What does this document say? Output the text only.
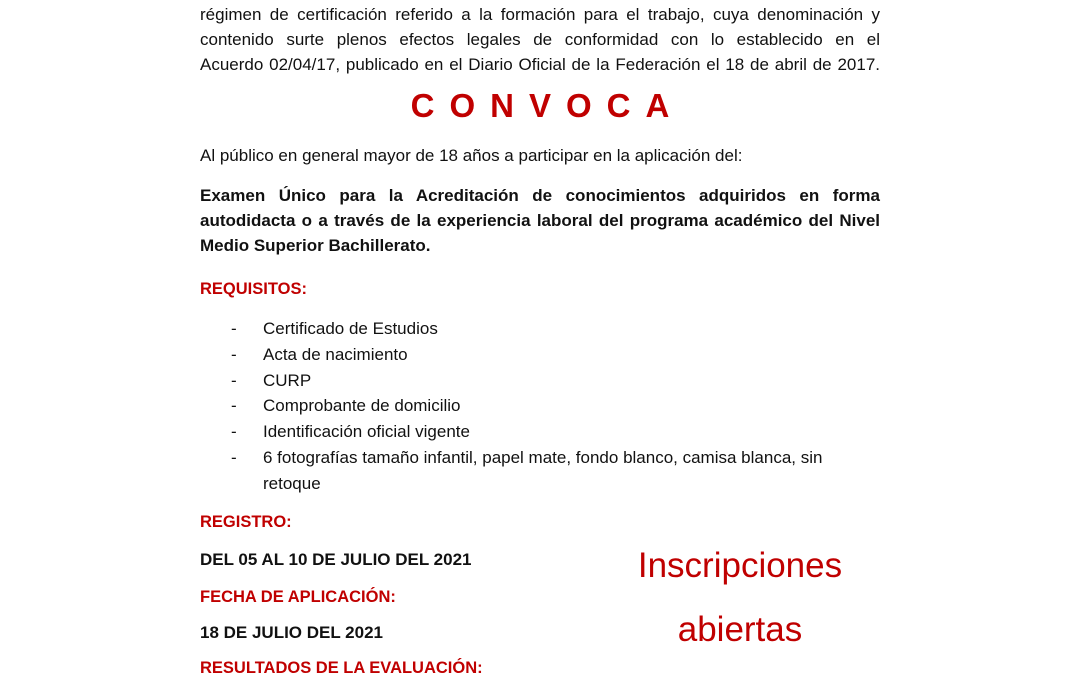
régimen de certificación referido a la formación para el trabajo, cuya denominación y
contenido surte plenos efectos legales de conformidad con lo establecido en el
Acuerdo 02/04/17, publicado en el Diario Oficial de la Federación el 18 de abril de 2017.
CONVOCA
Al público en general mayor de 18 años a participar en la aplicación del:
Examen Único para la Acreditación de conocimientos adquiridos en forma
autodidacta o a través de la experiencia laboral del programa académico del Nivel
Medio Superior Bachillerato.
REQUISITOS:
- Certificado de Estudios
- Acta de nacimiento
- CURP
- Comprobante de domicilio
- Identificación oficial vigente
- 6 fotografías tamaño infantil, papel mate, fondo blanco, camisa blanca, sin retoque
REGISTRO:
DEL 05 AL 10 DE JULIO DEL 2021
FECHA DE APLICACIÓN:
18 DE JULIO DEL 2021
RESULTADOS DE LA EVALUACIÓN:
Inscripciones
abiertas
